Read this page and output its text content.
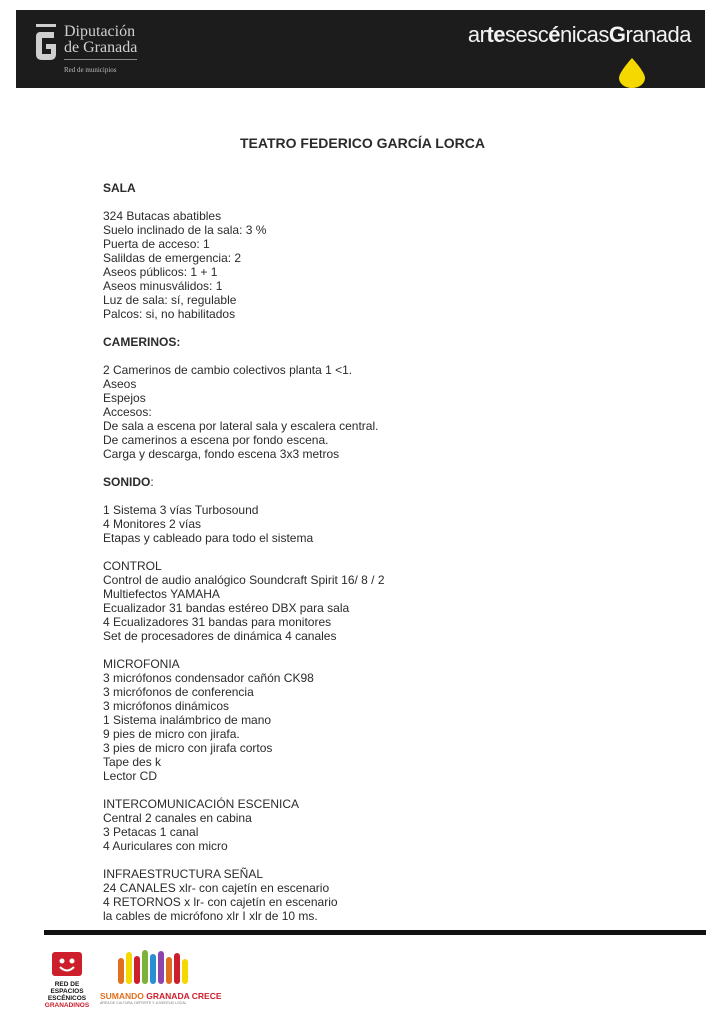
Diputación
de Granada
Red de municipios
artesescénicasGranada
TEATRO FEDERICO GARCÍA LORCA
SALA
324 Butacas abatibles
Suelo inclinado de la sala: 3 %
Puerta de acceso: 1
Salildas de emergencia: 2
Aseos públicos: 1 + 1
Aseos minusválidos: 1
Luz de sala: sí, regulable
Palcos: si, no habilitados
CAMERINOS:
2 Camerinos de cambio colectivos planta 1 <1.
Aseos
Espejos
Accesos:
De sala a escena por lateral sala y escalera central.
De camerinos a escena por fondo escena.
Carga y descarga, fondo escena 3x3 metros
SONIDO:
1 Sistema 3 vías Turbosound
4 Monitores 2 vías
Etapas y cableado para todo el sistema
CONTROL
Control de audio analógico Soundcraft Spirit 16/ 8 / 2
Multiefectos YAMAHA
Ecualizador 31 bandas estéreo DBX para sala
4 Ecualizadores 31 bandas para monitores
Set de procesadores de dinámica 4 canales
MICROFONIA
3 micrófonos condensador cañón CK98
3 micrófonos de conferencia
3 micrófonos dinámicos
1 Sistema inalámbrico de mano
9 pies de micro con jirafa.
3 pies de micro con jirafa cortos
Tape des k
Lector CD
INTERCOMUNICACIÓN ESCENICA
Central 2 canales en cabina
3 Petacas 1 canal
4 Auriculares con micro
INFRAESTRUCTURA SEÑAL
24 CANALES xlr- con cajetín en escenario
4 RETORNOS x lr- con cajetín en escenario
la cables de micrófono xlr I xlr de 10 ms.
RED DE
ESPACIOS
ESCÉNICOS
GRANADINOS
SUMANDO GRANADA CRECE
ÁREA DE CULTURA, DEPORTE Y JUVENTUD LOCAL
